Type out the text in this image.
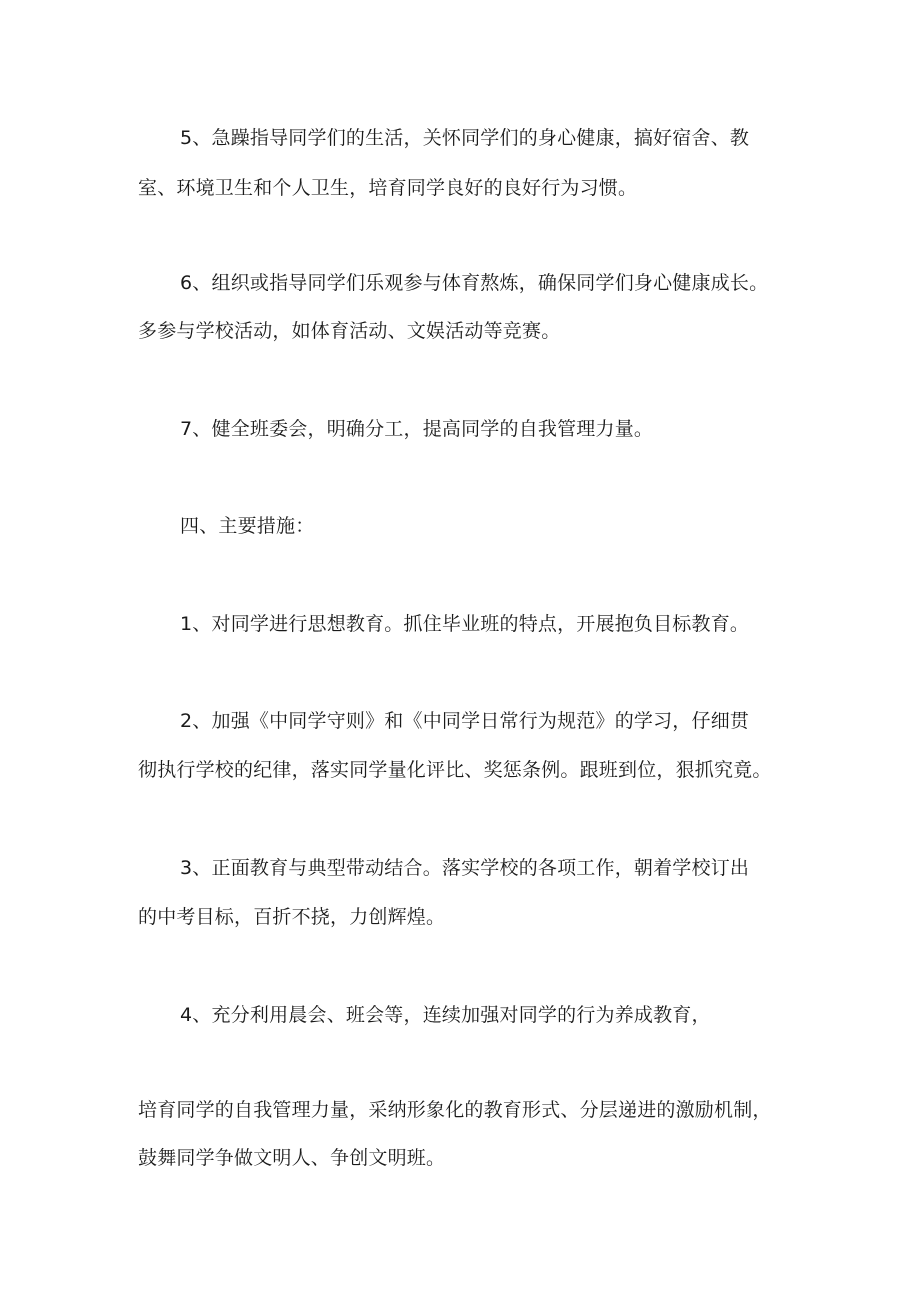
5、急躁指导同学们的生活，关怀同学们的身心健康，搞好宿舍、教
室、环境卫生和个人卫生，培育同学良好的良好行为习惯。
6、组织或指导同学们乐观参与体育熬炼，确保同学们身心健康成长。
多参与学校活动，如体育活动、文娱活动等竞赛。
7、健全班委会，明确分工，提高同学的自我管理力量。
四、主要措施：
1、对同学进行思想教育。抓住毕业班的特点，开展抱负目标教育。
2、加强《中同学守则》和《中同学日常行为规范》的学习，仔细贯
彻执行学校的纪律，落实同学量化评比、奖惩条例。跟班到位，狠抓究竟。
3、正面教育与典型带动结合。落实学校的各项工作，朝着学校订出
的中考目标，百折不挠，力创辉煌。
4、充分利用晨会、班会等，连续加强对同学的行为养成教育，
培育同学的自我管理力量，采纳形象化的教育形式、分层递进的激励机制，
鼓舞同学争做文明人、争创文明班。
